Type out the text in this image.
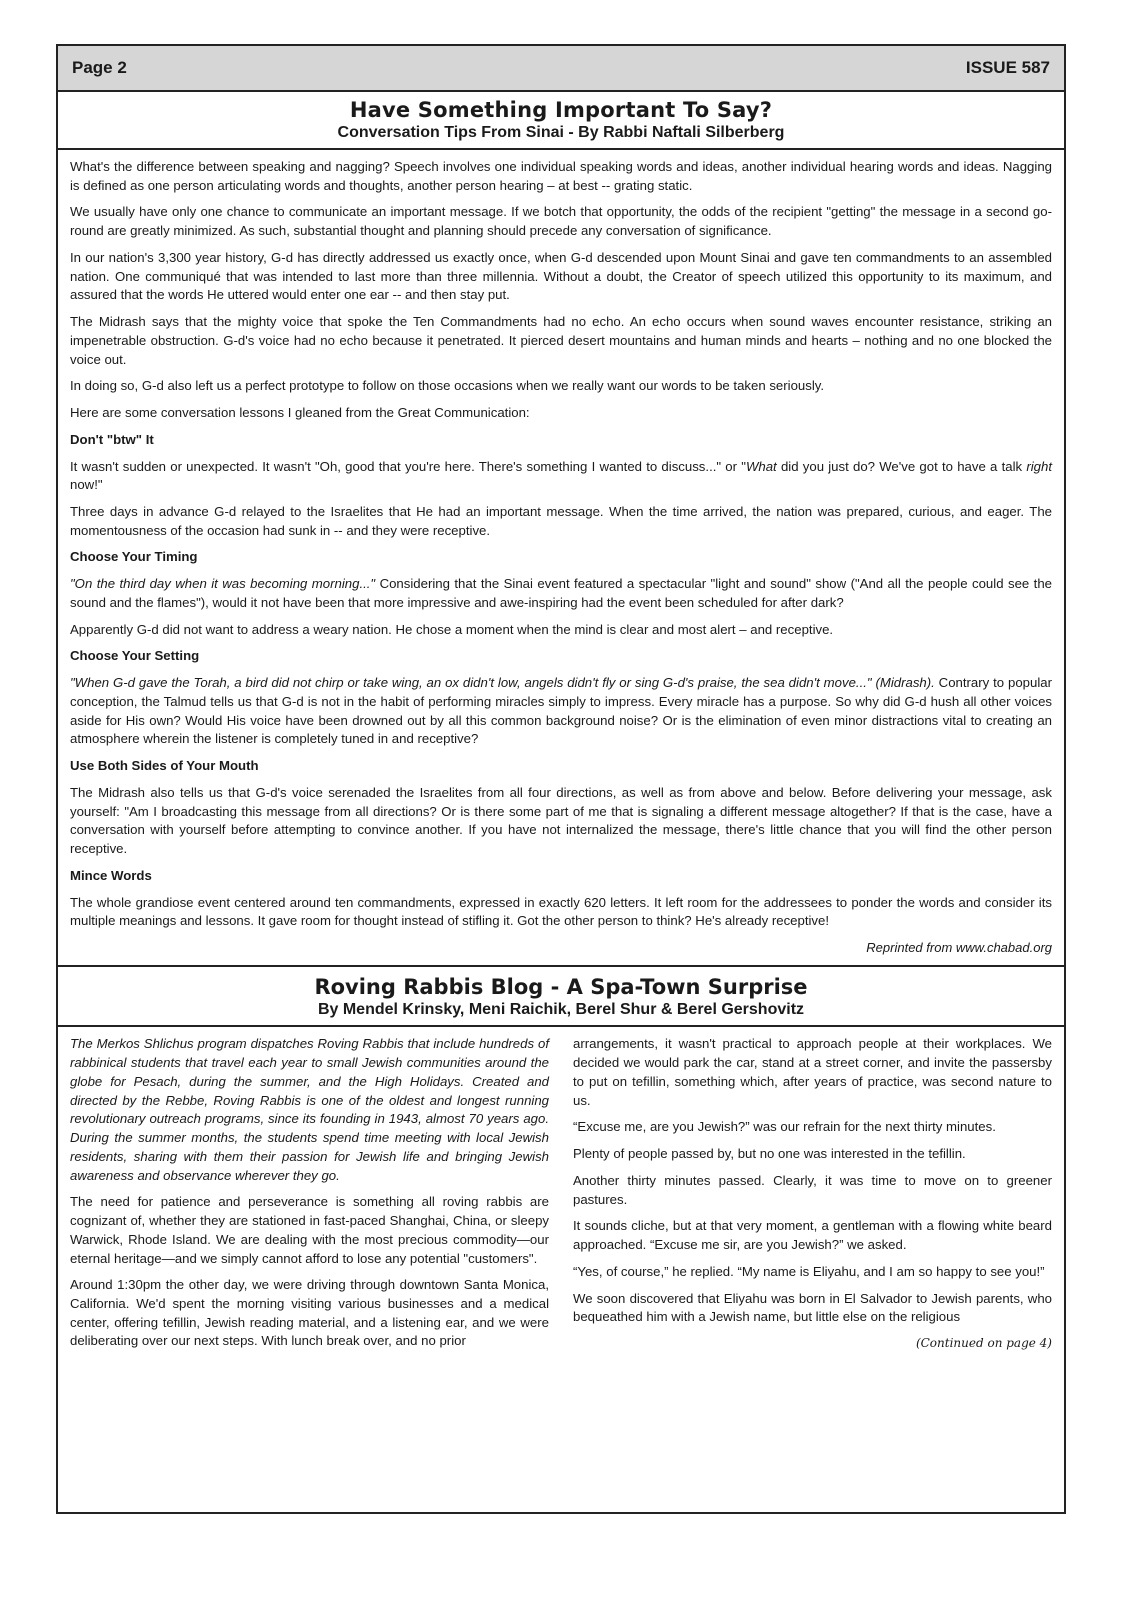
Page 2	ISSUE 587
Have Something Important To Say?
Conversation Tips From Sinai - By Rabbi Naftali Silberberg

What's the difference between speaking and nagging? Speech involves one individual speaking words and ideas, another individual hearing words and ideas. Nagging is defined as one person articulating words and thoughts, another person hearing – at best -- grating static.

We usually have only one chance to communicate an important message. If we botch that opportunity, the odds of the recipient "getting" the message in a second go-round are greatly minimized. As such, substantial thought and planning should precede any conversation of significance.

In our nation's 3,300 year history, G-d has directly addressed us exactly once, when G-d descended upon Mount Sinai and gave ten commandments to an assembled nation. One communiqué that was intended to last more than three millennia. Without a doubt, the Creator of speech utilized this opportunity to its maximum, and assured that the words He uttered would enter one ear -- and then stay put.

The Midrash says that the mighty voice that spoke the Ten Commandments had no echo. An echo occurs when sound waves encounter resistance, striking an impenetrable obstruction. G-d's voice had no echo because it penetrated. It pierced desert mountains and human minds and hearts – nothing and no one blocked the voice out.

In doing so, G-d also left us a perfect prototype to follow on those occasions when we really want our words to be taken seriously.

Here are some conversation lessons I gleaned from the Great Communication:

Don't "btw" It

It wasn't sudden or unexpected. It wasn't "Oh, good that you're here. There's something I wanted to discuss..." or "What did you just do? We've got to have a talk right now!"

Three days in advance G-d relayed to the Israelites that He had an important message. When the time arrived, the nation was prepared, curious, and eager. The momentousness of the occasion had sunk in -- and they were receptive.

Choose Your Timing

"On the third day when it was becoming morning..." Considering that the Sinai event featured a spectacular "light and sound" show ("And all the people could see the sound and the flames"), would it not have been that more impressive and awe-inspiring had the event been scheduled for after dark?

Apparently G-d did not want to address a weary nation. He chose a moment when the mind is clear and most alert – and receptive.

Choose Your Setting

"When G-d gave the Torah, a bird did not chirp or take wing, an ox didn't low, angels didn't fly or sing G-d's praise, the sea didn't move..." (Midrash). Contrary to popular conception, the Talmud tells us that G-d is not in the habit of performing miracles simply to impress. Every miracle has a purpose. So why did G-d hush all other voices aside for His own? Would His voice have been drowned out by all this common background noise? Or is the elimination of even minor distractions vital to creating an atmosphere wherein the listener is completely tuned in and receptive?

Use Both Sides of Your Mouth

The Midrash also tells us that G-d's voice serenaded the Israelites from all four directions, as well as from above and below. Before delivering your message, ask yourself: "Am I broadcasting this message from all directions? Or is there some part of me that is signaling a different message altogether? If that is the case, have a conversation with yourself before attempting to convince another. If you have not internalized the message, there's little chance that you will find the other person receptive.

Mince Words

The whole grandiose event centered around ten commandments, expressed in exactly 620 letters. It left room for the addressees to ponder the words and consider its multiple meanings and lessons. It gave room for thought instead of stifling it. Got the other person to think? He's already receptive!

Reprinted from www.chabad.org

Roving Rabbis Blog - A Spa-Town Surprise
By Mendel Krinsky, Meni Raichik, Berel Shur & Berel Gershovitz

The Merkos Shlichus program dispatches Roving Rabbis that include hundreds of rabbinical students that travel each year to small Jewish communities around the globe for Pesach, during the summer, and the High Holidays. Created and directed by the Rebbe, Roving Rabbis is one of the oldest and longest running revolutionary outreach programs, since its founding in 1943, almost 70 years ago. During the summer months, the students spend time meeting with local Jewish residents, sharing with them their passion for Jewish life and bringing Jewish awareness and observance wherever they go.

The need for patience and perseverance is something all roving rabbis are cognizant of, whether they are stationed in fast-paced Shanghai, China, or sleepy Warwick, Rhode Island. We are dealing with the most precious commodity—our eternal heritage—and we simply cannot afford to lose any potential "customers".

Around 1:30pm the other day, we were driving through downtown Santa Monica, California. We'd spent the morning visiting various businesses and a medical center, offering tefillin, Jewish reading material, and a listening ear, and we were deliberating over our next steps. With lunch break over, and no prior

arrangements, it wasn't practical to approach people at their workplaces. We decided we would park the car, stand at a street corner, and invite the passersby to put on tefillin, something which, after years of practice, was second nature to us.

“Excuse me, are you Jewish?” was our refrain for the next thirty minutes.

Plenty of people passed by, but no one was interested in the tefillin.

Another thirty minutes passed. Clearly, it was time to move on to greener pastures.

It sounds cliche, but at that very moment, a gentleman with a flowing white beard approached. “Excuse me sir, are you Jewish?” we asked.

“Yes, of course,” he replied. “My name is Eliyahu, and I am so happy to see you!”

We soon discovered that Eliyahu was born in El Salvador to Jewish parents, who bequeathed him with a Jewish name, but little else on the religious

(Continued on page 4)
